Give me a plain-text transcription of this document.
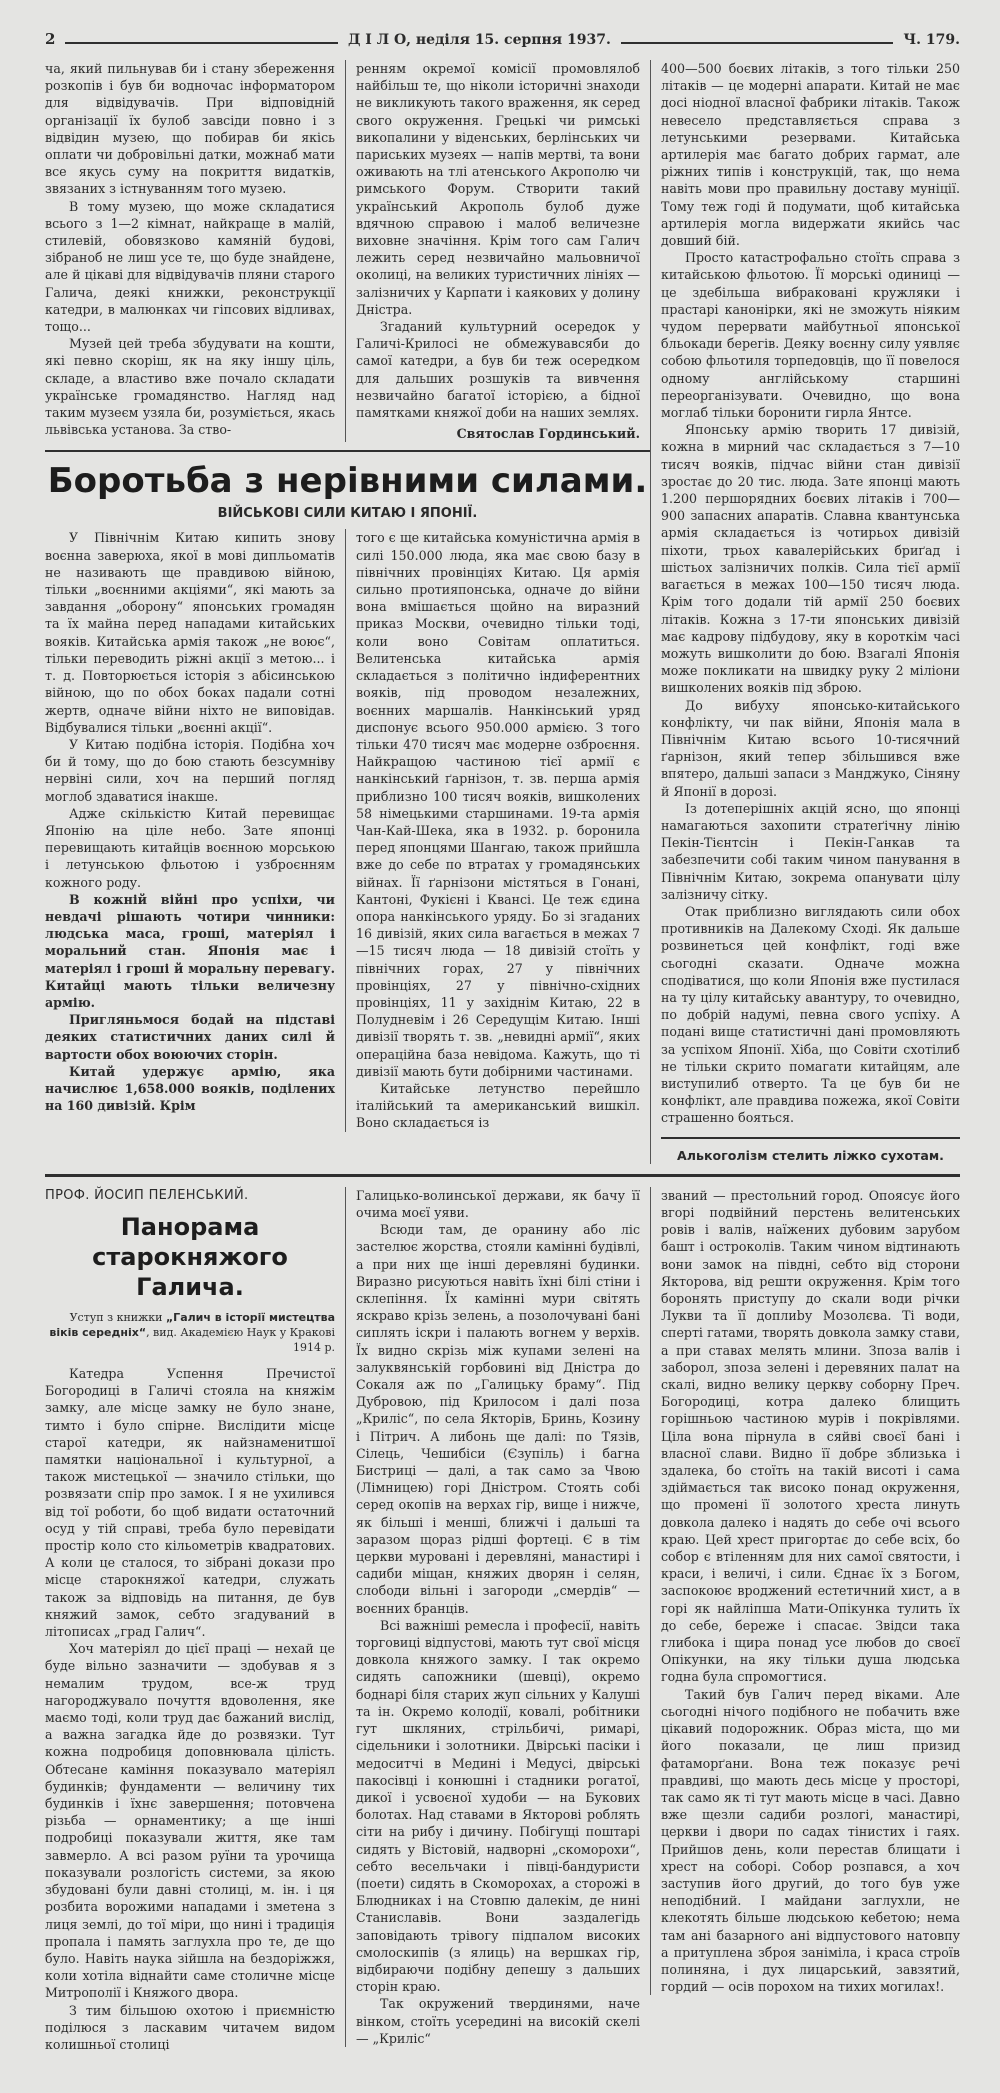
2	Д І Л О, неділя 15. серпня 1937.	Ч. 179.

ча, який пильнував би і стану збереження розкопів і був би водночас інформатором для відвідувачів. При відповідній організації їх булоб завсіди повно і з відвідин музею, що побирав би якісь оплати чи добровільні датки, можнаб мати все якусь суму на покриття видатків, звязаних з істнуванням того музею.

В тому музею, що може складатися всього з 1—2 кімнат, найкраще в малій, стилевій, обовязково камяній будові, зібраноб не лиш усе те, що буде знайдене, але й цікаві для відвідувачів пляни старого Галича, деякі книжки, реконструкції катедри, в малюнках чи гіпсових відливах, тощо...

Музей цей треба збудувати на кошти, які певно скоріш, як на яку іншу ціль, складе, а властиво вже почало складати українське громадянство. Нагляд над таким музеєм узяла би, розуміється, якась львівська установа. За ство-

ренням окремої комісії промовлялоб найбільш те, що ніколи історичні знаходи не викликують такого враження, як серед свого окруження. Грецькі чи римські викопалини у віденських, берлінських чи париських музеях — напів мертві, та вони оживають на тлі атенського Акрополю чи римського Форум. Створити такий український Акрополь булоб дуже вдячною справою і малоб величезне виховне значіння. Крім того сам Галич лежить серед незвичайно мальовничої околиці, на великих туристичних лініях — залізничих у Карпати і каякових у долину Дністра.

Згаданий культурний осередок у Галичі-Крилосі не обмежувавсяби до самої катедри, а був би теж осередком для дальших розшуків та вивчення незвичайно багатої історією, а бідної памятками княжої доби на наших землях.

Святослав Гординський.

Боротьба з нерівними силами.
ВІЙСЬКОВІ СИЛИ КИТАЮ І ЯПОНІЇ.

У Північнім Китаю кипить знову воєнна заверюха, якої в мові дипльоматів не називають ще правдивою війною, тільки „воєнними акціями“, які мають за завдання „оборону“ японських громадян та їх майна перед нападами китайських вояків. Китайська армія також „не воює“, тільки переводить ріжні акції з метою... і т. д. Повторюється історія з абісинською війною, що по обох боках падали сотні жертв, одначе війни ніхто не виповідав. Відбувалися тільки „воєнні акції“.

У Китаю подібна історія. Подібна хоч би й тому, що до бою стають безсумніву нервіні сили, хоч на перший погляд моглоб здаватися інакше.

Адже скількістю Китай перевищає Японію на ціле небо. Зате японці перевищають китайців воєнною морською і летунською фльотою і узброєнням кожного роду.

В кожній війні про успіхи, чи невдачі рішають чотири чинники: людська маса, гроші, матеріял і моральний стан. Японія має і матеріял і гроші й моральну перевагу. Китайці мають тільки величезну армію.

Пригляньмося бодай на підставі деяких статистичних даних силі й вартости обох воюючих сторін.

Китай удержує армію, яка начислює 1,658.000 вояків, поділених на 160 дивізій. Крім

того є ще китайська комуністична армія в силі 150.000 люда, яка має свою базу в північних провінціях Китаю. Ця армія сильно протияпонська, одначе до війни вона вмішається щойно на виразний приказ Москви, очевидно тільки тоді, коли воно Совітам оплатиться. Велитенська китайська армія складається з політично індиферентних вояків, під проводом незалежних, воєнних маршалів. Нанкінський уряд диспонує всього 950.000 армією. З того тільки 470 тисяч має модерне озброєння. Найкращою частиною тієї армії є нанкінський ґарнізон, т. зв. перша армія приблизно 100 тисяч вояків, вишколених 58 німецькими старшинами. 19-та армія Чан-Кай-Шека, яка в 1932. р. боронила перед японцями Шангаю, також прийшла вже до себе по втратах у громадянських війнах. Її ґарнізони містяться в Гонані, Кантоні, Фукієні і Квансі. Це теж єдина опора нанкінського уряду. Бо зі згаданих 16 дивізій, яких сила вагається в межах 7—15 тисяч люда — 18 дивізій стоїть у північних горах, 27 у північних провінціях, 27 у північно-східних провінціях, 11 у західнім Китаю, 22 в Полудневім і 26 Середущім Китаю. Інші дивізії творять т. зв. „невидні армії“, яких операційна база невідома. Кажуть, що ті дивізії мають бути добірними частинами.

Китайське летунство перейшло італійський та американський вишкіл. Воно складається із

400—500 боєвих літаків, з того тільки 250 літаків — це модерні апарати. Китай не має досі ніодної власної фабрики літаків. Також невесело представляється справа з летунськими резервами. Китайська артилерія має багато добрих гармат, але ріжних типів і конструкцій, так, що нема навіть мови про правильну доставу муніції. Тому теж годі й подумати, щоб китайська артилерія могла видержати якийсь час довший бій.

Просто катастрофально стоїть справа з китайською фльотою. Її морські одиниці — це здебільша вибраковані кружляки і прастарі канонірки, які не зможуть ніяким чудом перервати майбутньої японської бльокади берегів. Деяку воєнну силу уявляє собою фльотиля торпедовців, що її повелося одному англійському старшині переорганізувати. Очевидно, що вона моглаб тільки боронити гирла Янтсе.

Японську армію творить 17 дивізій, кожна в мирний час складається з 7—10 тисяч вояків, підчас війни стан дивізії зростає до 20 тис. люда. Зате японці мають 1.200 першорядних боєвих літаків і 700—900 запасних апаратів. Славна квантунська армія складається із чотирьох дивізій піхоти, трьох кавалерійських бриґад і шістьох залізничих полків. Сила тієї армії вагається в межах 100—150 тисяч люда. Крім того додали тій армії 250 боєвих літаків. Кожна з 17-ти японських дивізій має кадрову підбудову, яку в короткім часі можуть вишколити до бою. Взагалі Японія може покликати на швидку руку 2 міліони вишколених вояків під зброю.

До вибуху японсько-китайського конфлікту, чи пак війни, Японія мала в Північнім Китаю всього 10-тисячний ґарнізон, який тепер збільшився вже впятеро, дальші запаси з Манджуко, Сіняну й Японії в дорозі.

Із дотеперішніх акцій ясно, що японці намагаються захопити стратеґічну лінію Пекін-Тієнтсін і Пекін-Ганкав та забезпечити собі таким чином панування в Північнім Китаю, зокрема опанувати цілу залізничу сітку.

Отак приблизно виглядають сили обох противників на Далекому Сході. Як дальше розвинеться цей конфлікт, годі вже сьогодні сказати. Одначе можна сподіватися, що коли Японія вже пустилася на ту цілу китайську авантуру, то очевидно, по добрій надумі, певна свого успіху. А подані вище статистичні дані промовляють за успіхом Японії. Хіба, що Совіти схотілиб не тільки скрито помагати китайцям, але виступилиб отверто. Та це був би не конфлікт, але правдива пожежа, якої Совіти страшенно бояться.

Алькоголізм стелить ліжко сухотам.
ПРОФ. ЙОСИП ПЕЛЕНСЬКИЙ.
Панорама
старокняжого Галича.
Уступ з книжки „Галич в історії мистецтва віків середніх“, вид. Академією Наук у Кракові 1914 р.

Катедра Успення Пречистої Богородиці в Галичі стояла на княжім замку, але місце замку не було знане, тимто і було спірне. Вислідити місце старої катедри, як найзнаменитшої памятки національної і культурної, а також мистецької — значило стільки, що розвязати спір про замок. І я не ухилився від тої роботи, бо щоб видати остаточний осуд у тій справі, треба було перевідати простір коло сто кільометрів квадратових. А коли це сталося, то зібрані докази про місце старокняжої катедри, служать також за відповідь на питання, де був княжий замок, себто згадуваний в літописах „град Галич“.

Хоч матеріял до цієї праці — нехай це буде вільно зазначити — здобував я з немалим трудом, все-ж труд нагороджувало почуття вдоволення, яке маємо тоді, коли труд дає бажаний вислід, а важна загадка йде до розвязки. Тут кожна подробиця доповнювала цілість. Обтесане каміння показувало матеріял будинків; фундаменти — величину тих будинків і їхнє завершення; потовчена різьба — орнаментику; а ще інші подробиці показували життя, яке там завмерло. А всі разом руїни та урочища показували розлогість системи, за якою збудовані були давні столиці, м. ін. і ця розбита ворожими нападами і зметена з лиця землі, до тої міри, що нині і традиція пропала і память заглухла про те, де що було. Навіть наука зійшла на бездоріжжя, коли хотіла віднайти саме столичне місце Митрополії і Княжого двора.

З тим більшою охотою і приємністю поділюся з ласкавим читачем видом колишньої столиці

Галицько-волинської держави, як бачу її очима моєї уяви.

Всюди там, де оранину або ліс застелює жорства, стояли камінні будівлі, а при них ще інші деревляні будинки. Виразно рисуються навіть їхні білі стіни і склепіння. Їх камінні мури світять яскраво крізь зелень, а позолочувані бані сиплять іскри і палають вогнем у верхів. Їх видно скрізь між купами зелені на залуквянській горбовині від Дністра до Сокаля аж по „Галицьку браму“. Під Дубровою, під Крилосом і далі поза „Криліс“, по села Якторів, Бринь, Козину і Пітрич. А либонь ще далі: по Тязів, Сілець, Чешибіси (Єзупіль) і багна Бистриці — далі, а так само за Чвою (Лімницею) горі Дністром. Стоять собі серед окопів на верхах гір, вище і нижче, як більші і менші, ближчі і дальші та заразом щораз рідші фортеці. Є в тім церкви муровані і деревляні, манастирі і садиби міщан, княжих дворян і селян, слободи вільні і загороди „смердів“ — воєнних бранців.

Всі важніші ремесла і професії, навіть торговиці відпустові, мають тут свої місця довкола княжого замку. І так окремо сидять сапожники (шевці), окремо боднарі біля старих жуп сільних у Калуші та ін. Окремо колодії, ковалі, робітники гут шкляних, стрільбичі, римарі, сідельники і золотники. Двірські пасіки і медоситчі в Медині і Медусі, двірські пакосівці і конюшні і стадники рогатої, дикої і усвоєної худоби — на Букових болотах. Над ставами в Якторові роблять сіти на рибу і дичину. Побігущі поштарі сидять у Вістовій, надворні „скоморохи“, себто весельчаки і півці-бандуристи (поети) сидять в Скоморохах, а сторожі в Блюдниках і на Стовпю далекім, де нині Станиславів. Вони заздалегідь заповідають трівогу підпалом високих смолоскипів (з ялиць) на вершках гір, відбираючи подібну депешу з дальших сторін краю.

Так окружений твердинями, наче вінком, стоїть усередині на високій скелі — „Криліс“

званий — престольний город. Опоясує його вгорі подвійний перстень велитенських ровів і валів, наїжених дубовим зарубом башт і остроколів. Таким чином відтинають вони замок на півдні, себто від сторони Якторова, від решти окруження. Крім того боронять приступу до скали води річки Лукви та її доплиbу Мозолєва. Ті води, сперті гатами, творять довкола замку стави, а при ставах мелять млини. Зпоза валів і заборол, зпоза зелені і деревяних палат на скалі, видно велику церкву соборну Преч. Богородиці, котра далеко блищить горішньою частиною мурів і покрівлями. Ціла вона пірнула в сяйві своєї бані і власної слави. Видно її добре зблизька і здалека, бо стоїть на такій висоті і сама здіймається так високо понад окруження, що промені її золотого хреста линуть довкола далеко і надять до себе очі всього краю. Цей хрест пригортає до себе всіх, бо собор є втіленням для них самої святости, і краси, і величі, і сили. Єднає їх з Богом, заспокоює вроджений естетичний хист, а в горі як найліпша Мати-Опікунка тулить їх до себе, береже і спасає. Звідси така глибока і щира понад усе любов до своєї Опікунки, на яку тільки душа людська годна була спромогтися.

Такий був Галич перед віками. Але сьогодні нічого подібного не побачить вже цікавий подорожник. Образ міста, що ми його показали, це лиш призид фатаморґани. Вона теж показує речі правдиві, що мають десь місце у просторі, так само як ті тут мають місце в часі. Давно вже щезли садиби розлогі, манастирі, церкви і двори по садах тінистих і гаях. Прийшов день, коли перестав блищати і хрест на соборі. Собор розпався, а хоч заступив його другий, до того був уже неподібний. І майдани заглухли, не клекотять більше людською кебетою; нема там ані базарного ані відпустового натовпу а притуплена зброя заніміла, і краса строїв полиняна, і дух лицарський, завзятий, гордий — осів порохом на тихих могилах!.
